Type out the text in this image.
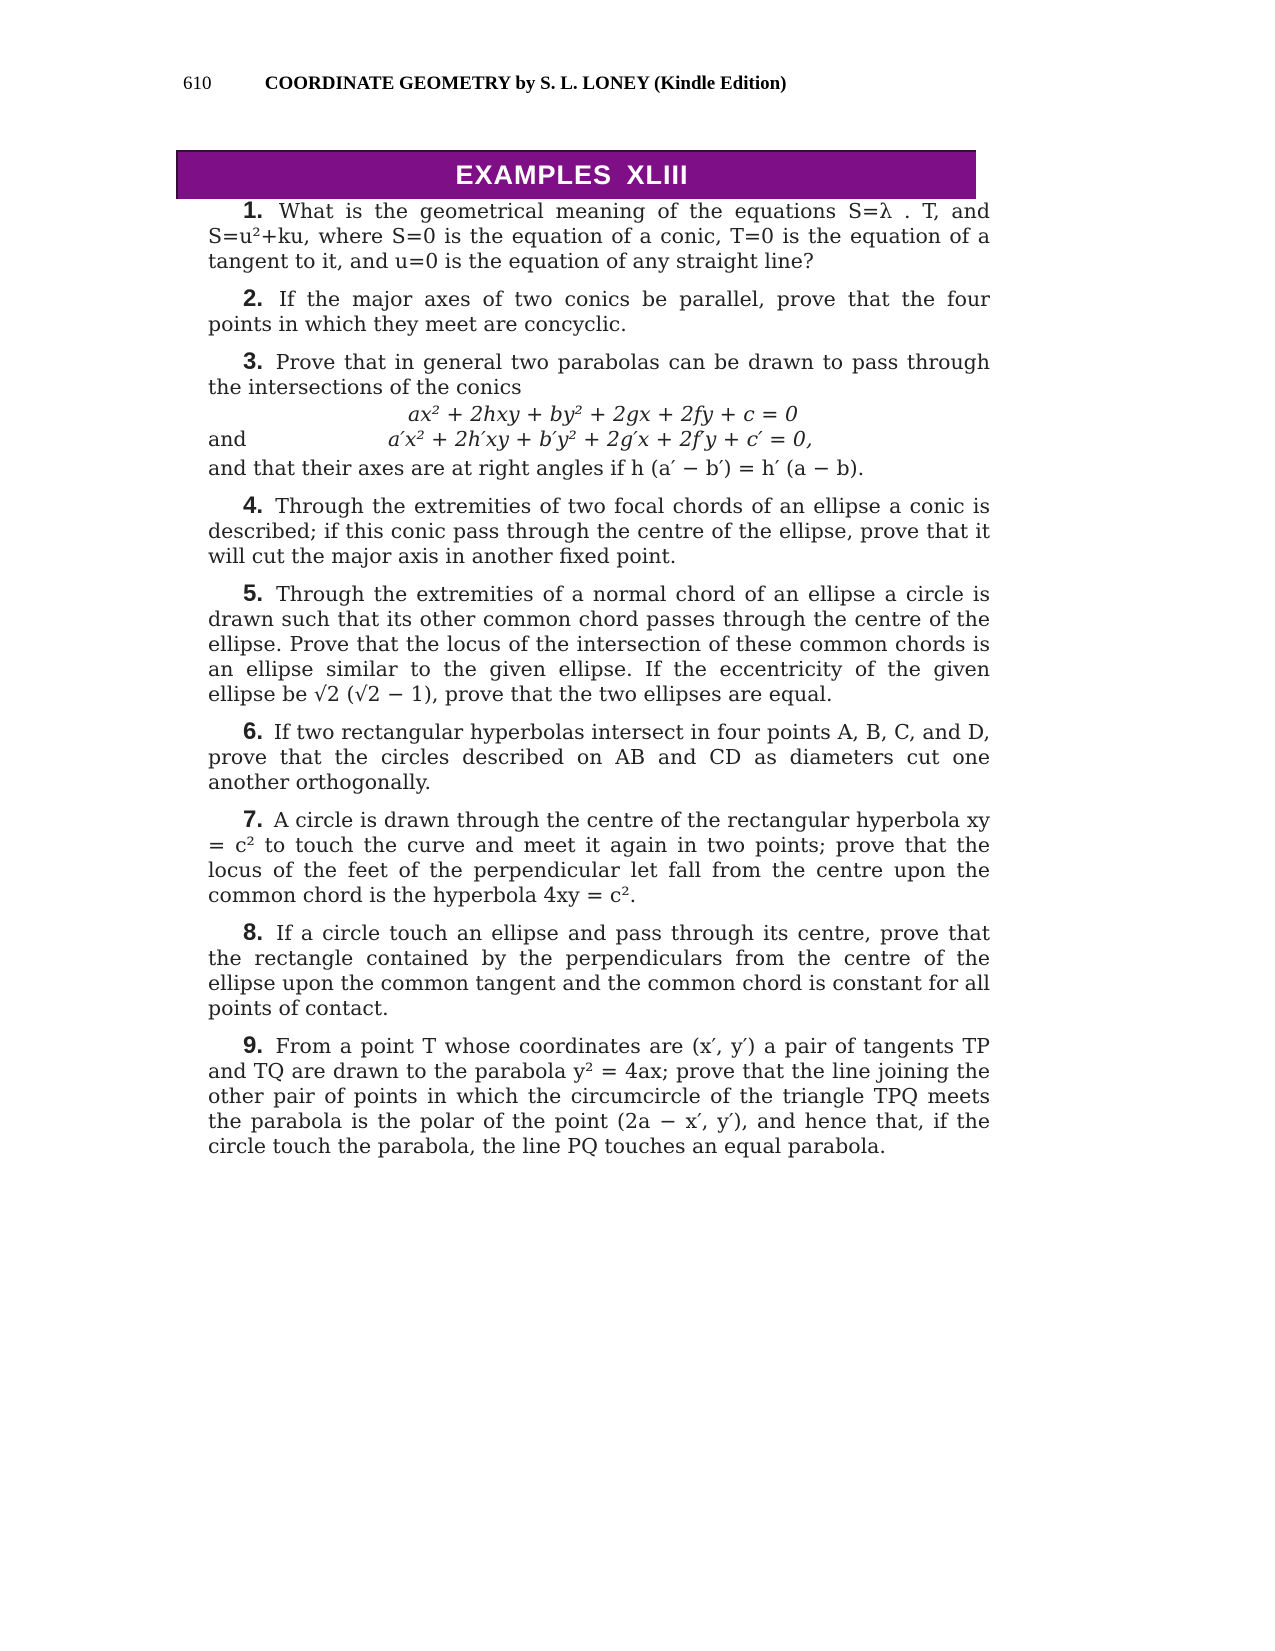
610	COORDINATE GEOMETRY by S. L. LONEY (Kindle Edition)
EXAMPLES XLIII

1. What is the geometrical meaning of the equations S=λ . T, and S=u²+ku, where S=0 is the equation of a conic, T=0 is the equation of a tangent to it, and u=0 is the equation of any straight line?

2. If the major axes of two conics be parallel, prove that the four points in which they meet are concyclic.

3. Prove that in general two parabolas can be drawn to pass through the intersections of the conics

ax² + 2hxy + by² + 2gx + 2fy + c = 0
and	a′x² + 2h′xy + b′y² + 2g′x + 2f′y + c′ = 0,

and that their axes are at right angles if h (a′ − b′) = h′ (a − b).

4. Through the extremities of two focal chords of an ellipse a conic is described; if this conic pass through the centre of the ellipse, prove that it will cut the major axis in another fixed point.

5. Through the extremities of a normal chord of an ellipse a circle is drawn such that its other common chord passes through the centre of the ellipse. Prove that the locus of the intersection of these common chords is an ellipse similar to the given ellipse. If the eccentricity of the given ellipse be √2 (√2 − 1), prove that the two ellipses are equal.

6. If two rectangular hyperbolas intersect in four points A, B, C, and D, prove that the circles described on AB and CD as diameters cut one another orthogonally.

7. A circle is drawn through the centre of the rectangular hyperbola xy = c² to touch the curve and meet it again in two points; prove that the locus of the feet of the perpendicular let fall from the centre upon the common chord is the hyperbola 4xy = c².

8. If a circle touch an ellipse and pass through its centre, prove that the rectangle contained by the perpendiculars from the centre of the ellipse upon the common tangent and the common chord is constant for all points of contact.

9. From a point T whose coordinates are (x′, y′) a pair of tangents TP and TQ are drawn to the parabola y² = 4ax; prove that the line joining the other pair of points in which the circumcircle of the triangle TPQ meets the parabola is the polar of the point (2a − x′, y′), and hence that, if the circle touch the parabola, the line PQ touches an equal parabola.
